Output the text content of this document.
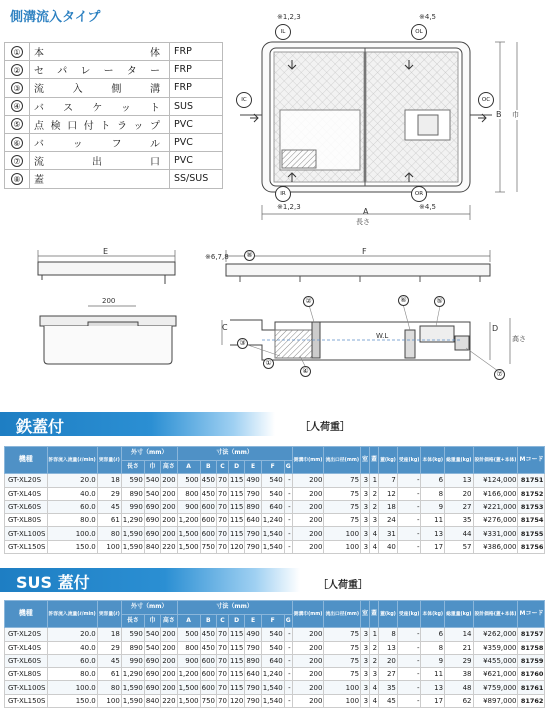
側溝流入タイプ
①	本体	FRP
②	セパレーター	FRP
③	流入側溝	FRP
④	バスケット	SUS
⑤	点検口付トラップ	PVC
⑥	バッフル	PVC
⑦	流出口	PVC
⑧	蓋	SS/SUS
IL	OL
IC	OC
IR	OR
※1,2,3	※4,5
※1,2,3	※4,5
A
長さ
B 巾
E	F
※6,7,8
200
C	D
高さ
W.L
②
③
④
⑤
⑥
⑦
⑧
①
鉄蓋付	［人荷重］
機種	許容流入流量(ℓ/min)	実容量(ℓ)	外寸（mm）			寸法（mm）							側溝巾(mm)	流出口径(mm)	室	蓋	蓋(kg)	受座(kg)	本体(kg)	総重量(kg)	設計価格(蓋+本体)	Mコード
			長さ	巾	高さ	A	B	C	D	E	F	G										
GT-XL20S	20.0	18	590	540	200	500	450	70	115	490	540	-	200	75	3	1	7	-	6	13	¥124,000	81751
GT-XL40S	40.0	29	890	540	200	800	450	70	115	790	540	-	200	75	3	2	12	-	8	20	¥166,000	81752
GT-XL60S	60.0	45	990	690	200	900	600	70	115	890	640	-	200	75	3	2	18	-	9	27	¥221,000	81753
GT-XL80S	80.0	61	1,290	690	200	1,200	600	70	115	640	1,240	-	200	75	3	3	24	-	11	35	¥276,000	81754
GT-XL100S	100.0	80	1,590	690	200	1,500	600	70	115	790	1,540	-	200	100	3	4	31	-	13	44	¥331,000	81755
GT-XL150S	150.0	100	1,590	840	220	1,500	750	70	120	790	1,540	-	200	100	3	4	40	-	17	57	¥386,000	81756
SUS 蓋付	［人荷重］
機種	許容流入流量(ℓ/min)	実容量(ℓ)	外寸（mm）			寸法（mm）							側溝巾(mm)	流出口径(mm)	室	蓋	蓋(kg)	受座(kg)	本体(kg)	総重量(kg)	設計価格(蓋+本体)	Mコード
			長さ	巾	高さ	A	B	C	D	E	F	G										
GT-XL20S	20.0	18	590	540	200	500	450	70	115	490	540	-	200	75	3	1	8	-	6	14	¥262,000	81757
GT-XL40S	40.0	29	890	540	200	800	450	70	115	790	540	-	200	75	3	2	13	-	8	21	¥359,000	81758
GT-XL60S	60.0	45	990	690	200	900	600	70	115	890	640	-	200	75	3	2	20	-	9	29	¥455,000	81759
GT-XL80S	80.0	61	1,290	690	200	1,200	600	70	115	640	1,240	-	200	75	3	3	27	-	11	38	¥621,000	81760
GT-XL100S	100.0	80	1,590	690	200	1,500	600	70	115	790	1,540	-	200	100	3	4	35	-	13	48	¥759,000	81761
GT-XL150S	150.0	100	1,590	840	220	1,500	750	70	120	790	1,540	-	200	100	3	4	45	-	17	62	¥897,000	81762
